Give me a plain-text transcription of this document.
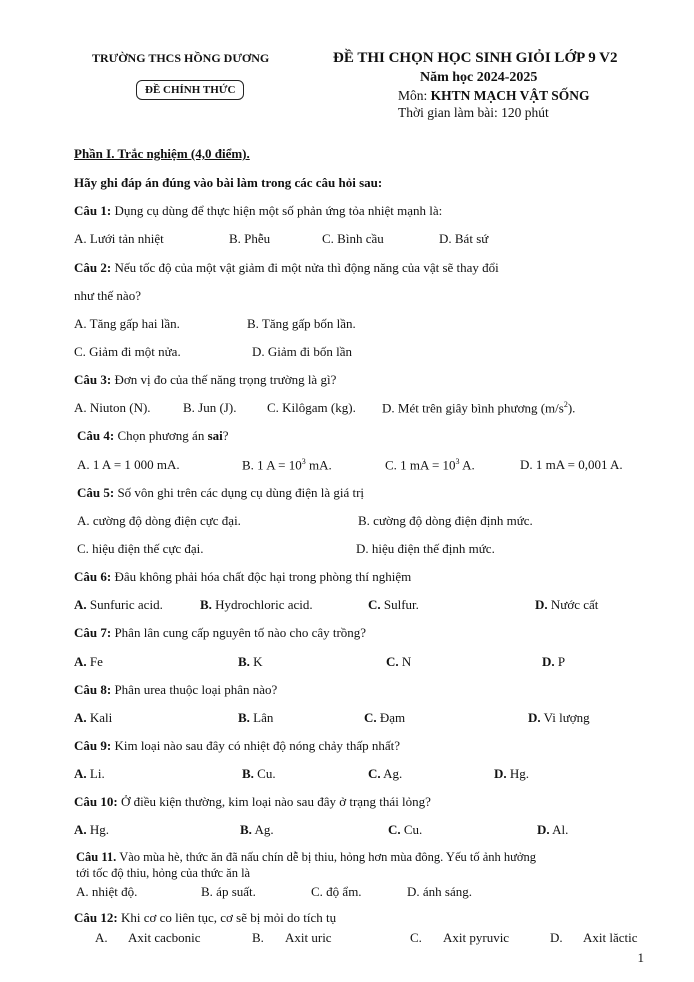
TRƯỜNG THCS HỒNG DƯƠNG
ĐỀ CHÍNH THỨC
ĐỀ THI CHỌN HỌC SINH GIỎI LỚP 9 V2
Năm học 2024-2025
Môn: KHTN MẠCH VẬT SỐNG
Thời gian làm bài: 120 phút
Phần I. Trắc nghiệm (4,0 điểm).
Hãy ghi đáp án đúng vào bài làm trong các câu hỏi sau:
Câu 1: Dụng cụ dùng để thực hiện một số phản ứng tỏa nhiệt mạnh là:
A. Lưới tản nhiệt	B. Phễu	C. Bình cầu	D. Bát sứ
Câu 2: Nếu tốc độ của một vật giảm đi một nửa thì động năng của vật sẽ thay đổi
như thế nào?
A. Tăng gấp hai lần.	B. Tăng gấp bốn lần.
C. Giảm đi một nửa.	D. Giảm đi bốn lần
Câu 3: Đơn vị đo của thế năng trọng trường là gì?
A. Niuton (N). B. Jun (J). C. Kilôgam (kg). D. Mét trên giây bình phương $(m/s^2)$.
Câu 4: Chọn phương án sai?
A. 1 A = 1 000 mA.	B. 1 $A = 10^3$ mA.	C. 1 mA = $10^3$ A.	D. 1 mA = 0,001 A.
Câu 5: Số vôn ghi trên các dụng cụ dùng điện là giá trị
A. cường độ dòng điện cực đại.	B. cường độ dòng điện định mức.
C. hiệu điện thế cực đại.	D. hiệu điện thế định mức.
Câu 6: Đâu không phải hóa chất độc hại trong phòng thí nghiệm
A. Sunfuric acid.	B. Hydrochloric acid.	C. Sulfur.	D. Nước cất
Câu 7: Phân lân cung cấp nguyên tố nào cho cây trồng?
A. Fe	B. K	C. N	D. P
Câu 8: Phân urea thuộc loại phân nào?
A. Kali	B. Lân	C. Đạm	D. Vi lượng
Câu 9: Kim loại nào sau đây có nhiệt độ nóng chảy thấp nhất?
A. Li.	B. Cu.	C. Ag.	D. Hg.
Câu 10: Ở điều kiện thường, kim loại nào sau đây ở trạng thái lỏng?
A. Hg.	B. Ag.	C. Cu.	D. Al.
Câu 11. Vào mùa hè, thức ăn đã nấu chín dễ bị thiu, hỏng hơn mùa đông. Yếu tố ảnh hưởng
tới tốc độ thiu, hỏng của thức ăn là
A. nhiệt độ.	B. áp suất.	C. độ ẩm.	D. ánh sáng.
Câu 12: Khi cơ co liên tục, cơ sẽ bị mỏi do tích tụ
A. Axit cacbonic	B. Axit uric	C. Axit pyruvic	D. Axit lăctic
1
